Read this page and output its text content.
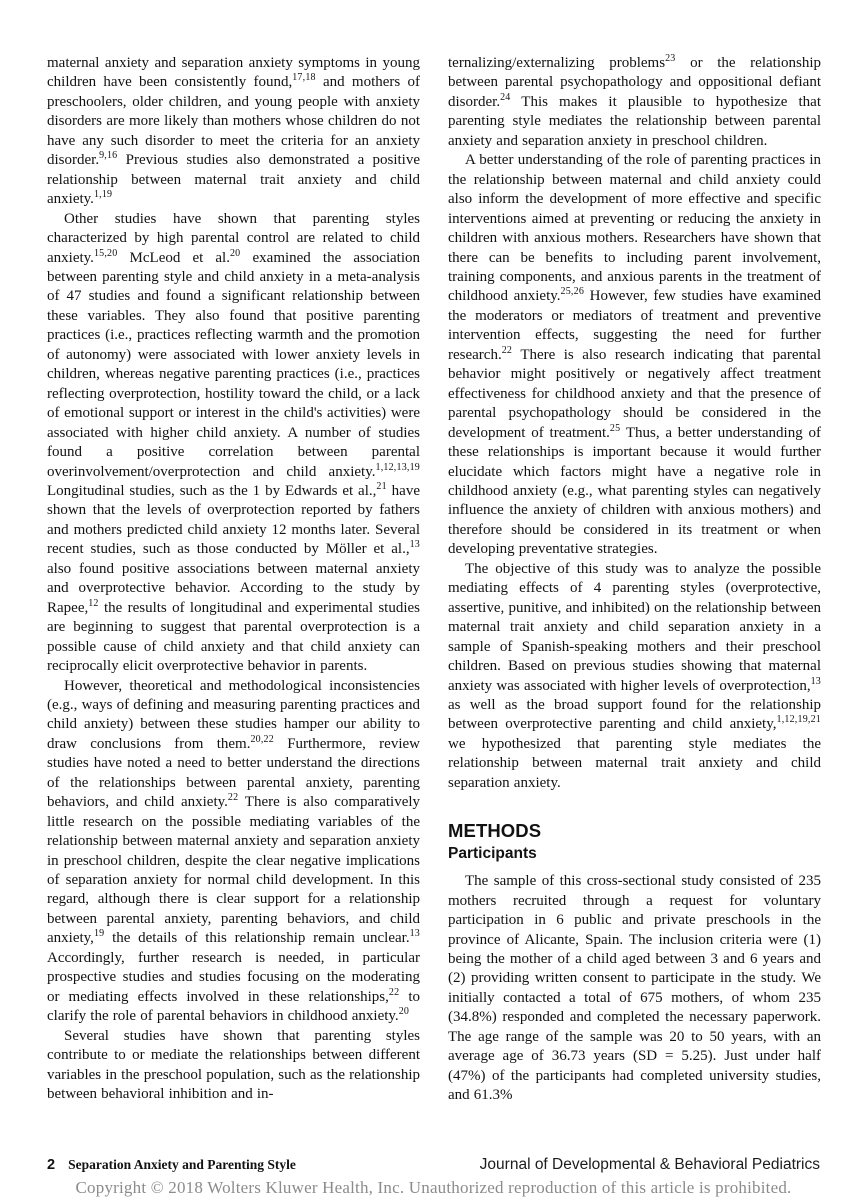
maternal anxiety and separation anxiety symptoms in young children have been consistently found,$^{17,18}$ and mothers of preschoolers, older children, and young people with anxiety disorders are more likely than mothers whose children do not have any such disorder to meet the criteria for an anxiety disorder.$^{9,16}$ Previous studies also demonstrated a positive relationship between maternal trait anxiety and child anxiety.$^{1,19}$

Other studies have shown that parenting styles characterized by high parental control are related to child anxiety.$^{15,20}$ McLeod et al.$^{20}$ examined the association between parenting style and child anxiety in a meta-analysis of 47 studies and found a significant relationship between these variables. They also found that positive parenting practices (i.e., practices reflecting warmth and the promotion of autonomy) were associated with lower anxiety levels in children, whereas negative parenting practices (i.e., practices reflecting overprotection, hostility toward the child, or a lack of emotional support or interest in the child's activities) were associated with higher child anxiety. A number of studies found a positive correlation between parental overinvolvement/overprotection and child anxiety.$^{1,12,13,19}$ Longitudinal studies, such as the 1 by Edwards et al.,$^{21}$ have shown that the levels of overprotection reported by fathers and mothers predicted child anxiety 12 months later. Several recent studies, such as those conducted by Möller et al.,$^{13}$ also found positive associations between maternal anxiety and overprotective behavior. According to the study by Rapee,$^{12}$ the results of longitudinal and experimental studies are beginning to suggest that parental overprotection is a possible cause of child anxiety and that child anxiety can reciprocally elicit overprotective behavior in parents.

However, theoretical and methodological inconsistencies (e.g., ways of defining and measuring parenting practices and child anxiety) between these studies hamper our ability to draw conclusions from them.$^{20,22}$ Furthermore, review studies have noted a need to better understand the directions of the relationships between parental anxiety, parenting behaviors, and child anxiety.$^{22}$ There is also comparatively little research on the possible mediating variables of the relationship between maternal anxiety and separation anxiety in preschool children, despite the clear negative implications of separation anxiety for normal child development. In this regard, although there is clear support for a relationship between parental anxiety, parenting behaviors, and child anxiety,$^{19}$ the details of this relationship remain unclear.$^{13}$ Accordingly, further research is needed, in particular prospective studies and studies focusing on the moderating or mediating effects involved in these relationships,$^{22}$ to clarify the role of parental behaviors in childhood anxiety.$^{20}$

Several studies have shown that parenting styles contribute to or mediate the relationships between different variables in the preschool population, such as the relationship between behavioral inhibition and in-

ternalizing/externalizing problems$^{23}$ or the relationship between parental psychopathology and oppositional defiant disorder.$^{24}$ This makes it plausible to hypothesize that parenting style mediates the relationship between parental anxiety and separation anxiety in preschool children.

A better understanding of the role of parenting practices in the relationship between maternal and child anxiety could also inform the development of more effective and specific interventions aimed at preventing or reducing the anxiety in children with anxious mothers. Researchers have shown that there can be benefits to including parent involvement, training components, and anxious parents in the treatment of childhood anxiety.$^{25,26}$ However, few studies have examined the moderators or mediators of treatment and preventive intervention effects, suggesting the need for further research.$^{22}$ There is also research indicating that parental behavior might positively or negatively affect treatment effectiveness for childhood anxiety and that the presence of parental psychopathology should be considered in the development of treatment.$^{25}$ Thus, a better understanding of these relationships is important because it would further elucidate which factors might have a negative role in childhood anxiety (e.g., what parenting styles can negatively influence the anxiety of children with anxious mothers) and therefore should be considered in its treatment or when developing preventative strategies.

The objective of this study was to analyze the possible mediating effects of 4 parenting styles (overprotective, assertive, punitive, and inhibited) on the relationship between maternal trait anxiety and child separation anxiety in a sample of Spanish-speaking mothers and their preschool children. Based on previous studies showing that maternal anxiety was associated with higher levels of overprotection,$^{13}$ as well as the broad support found for the relationship between overprotective parenting and child anxiety,$^{1,12,19,21}$ we hypothesized that parenting style mediates the relationship between maternal trait anxiety and child separation anxiety.

METHODS
Participants

The sample of this cross-sectional study consisted of 235 mothers recruited through a request for voluntary participation in 6 public and private preschools in the province of Alicante, Spain. The inclusion criteria were (1) being the mother of a child aged between 3 and 6 years and (2) providing written consent to participate in the study. We initially contacted a total of 675 mothers, of whom 235 (34.8%) responded and completed the necessary paperwork. The age range of the sample was 20 to 50 years, with an average age of 36.73 years (SD = 5.25). Just under half (47%) of the participants had completed university studies, and 61.3%

2 Separation Anxiety and Parenting Style	Journal of Developmental & Behavioral Pediatrics
Copyright © 2018 Wolters Kluwer Health, Inc. Unauthorized reproduction of this article is prohibited.
